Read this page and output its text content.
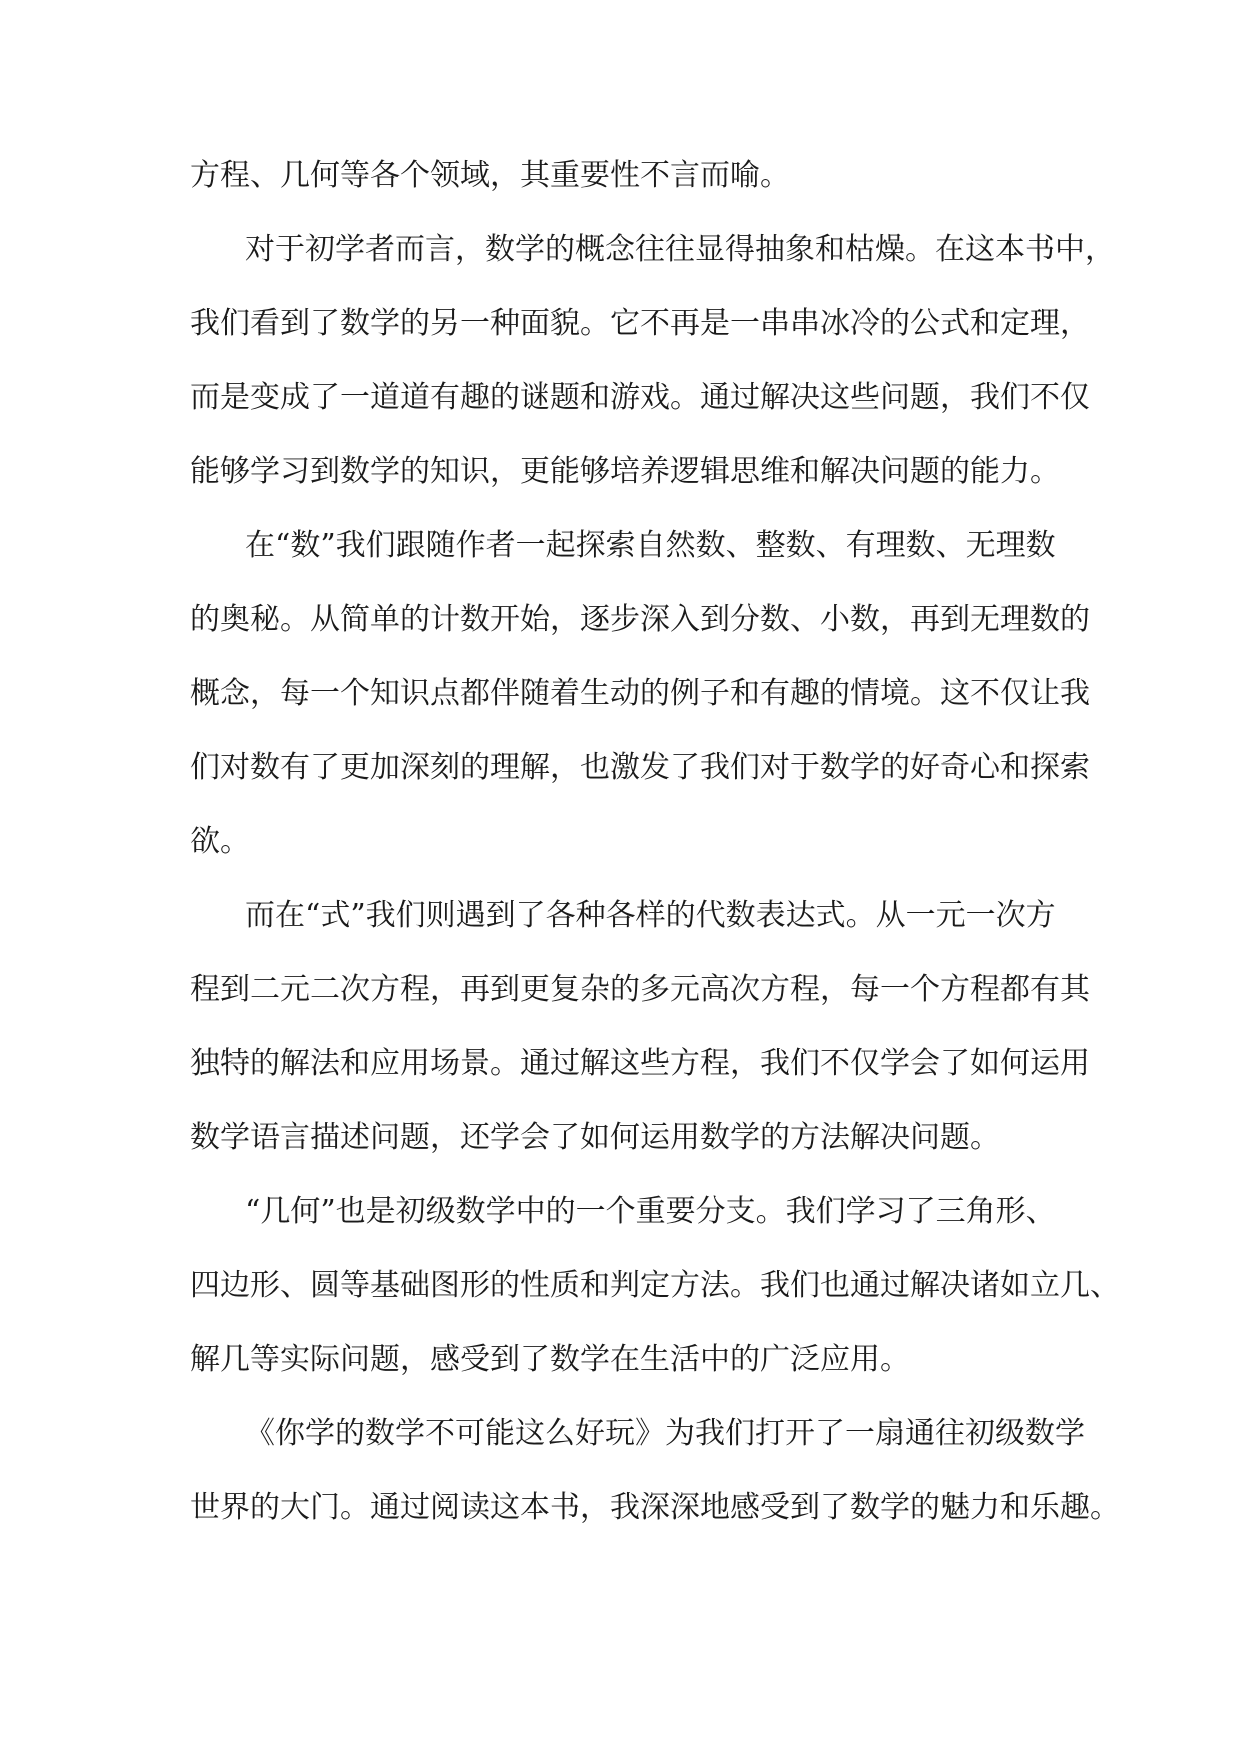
方程、几何等各个领域，其重要性不言而喻。
对于初学者而言，数学的概念往往显得抽象和枯燥。在这本书中，
我们看到了数学的另一种面貌。它不再是一串串冰冷的公式和定理，
而是变成了一道道有趣的谜题和游戏。通过解决这些问题，我们不仅
能够学习到数学的知识，更能够培养逻辑思维和解决问题的能力。
在“数”我们跟随作者一起探索自然数、整数、有理数、无理数
的奥秘。从简单的计数开始，逐步深入到分数、小数，再到无理数的
概念，每一个知识点都伴随着生动的例子和有趣的情境。这不仅让我
们对数有了更加深刻的理解，也激发了我们对于数学的好奇心和探索
欲。
而在“式”我们则遇到了各种各样的代数表达式。从一元一次方
程到二元二次方程，再到更复杂的多元高次方程，每一个方程都有其
独特的解法和应用场景。通过解这些方程，我们不仅学会了如何运用
数学语言描述问题，还学会了如何运用数学的方法解决问题。
“几何”也是初级数学中的一个重要分支。我们学习了三角形、
四边形、圆等基础图形的性质和判定方法。我们也通过解决诸如立几、
解几等实际问题，感受到了数学在生活中的广泛应用。
《你学的数学不可能这么好玩》为我们打开了一扇通往初级数学
世界的大门。通过阅读这本书，我深深地感受到了数学的魅力和乐趣。
